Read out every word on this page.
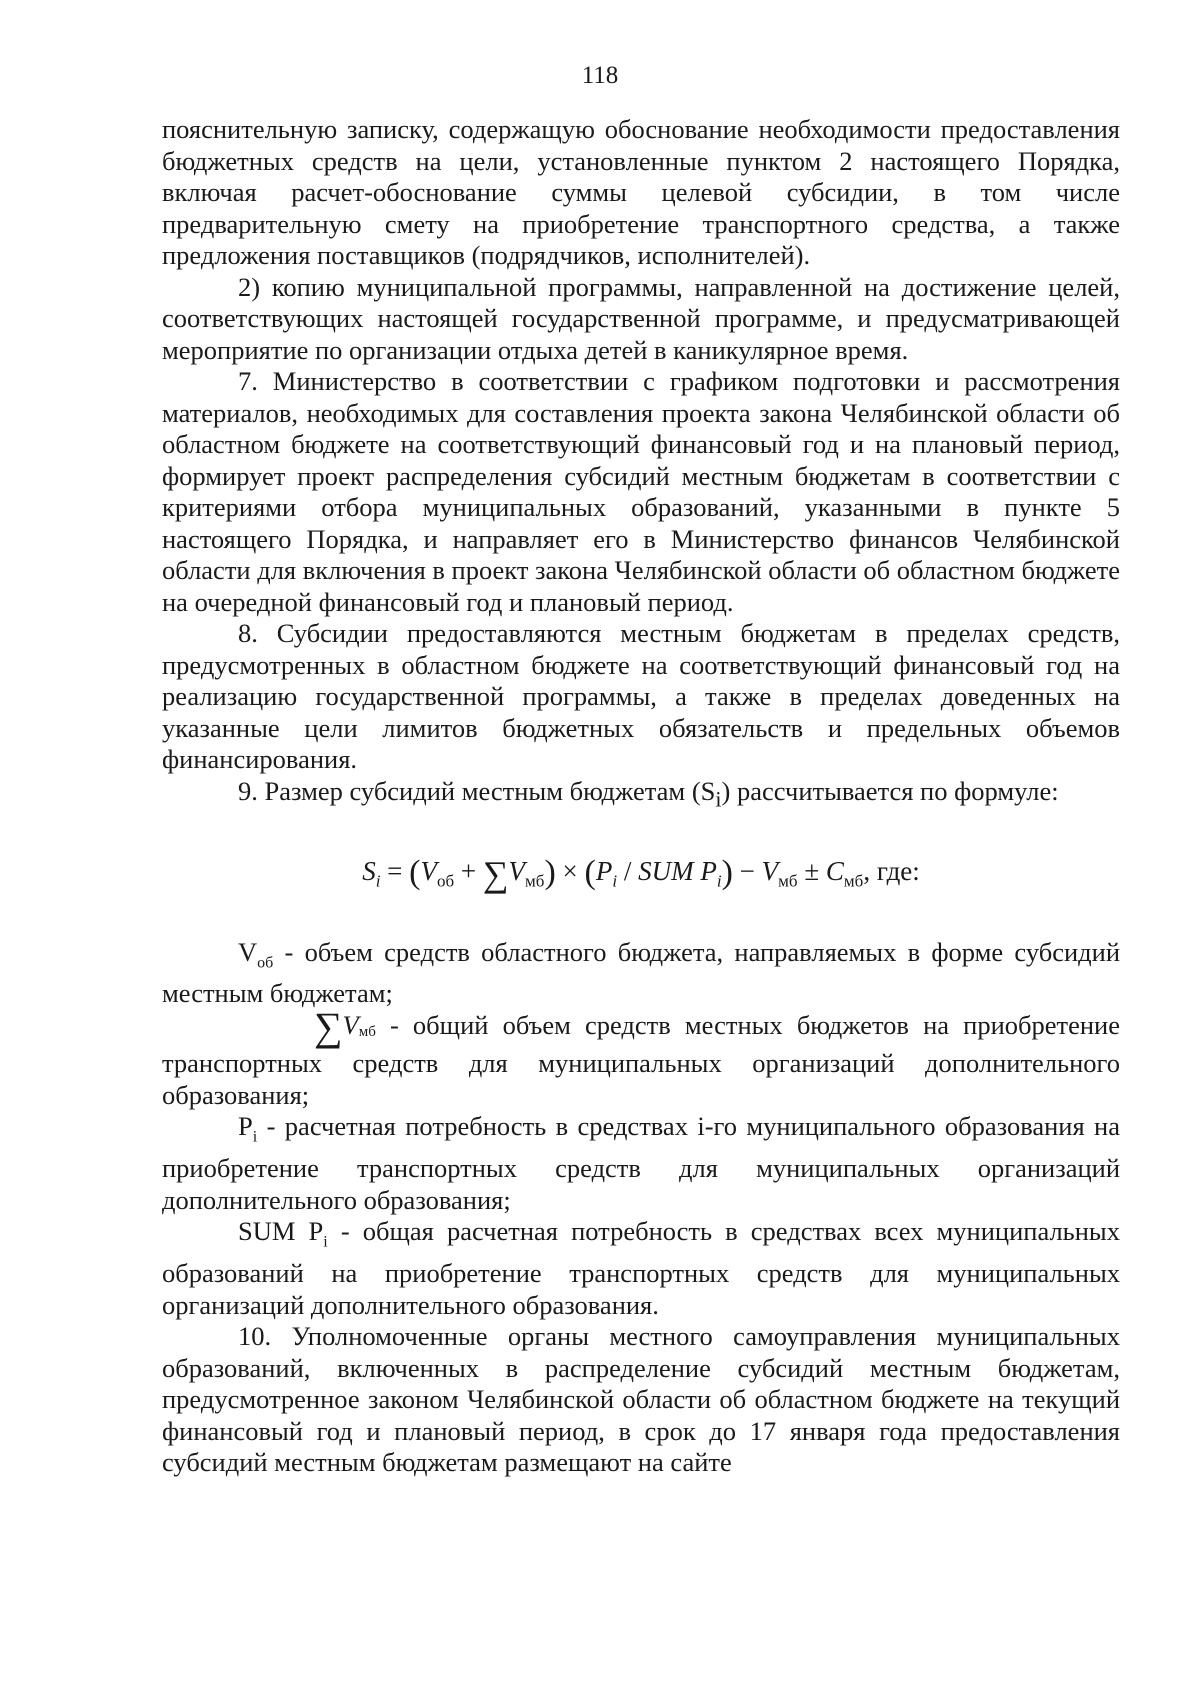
118

пояснительную записку, содержащую обоснование необходимости предоставления бюджетных средств на цели, установленные пунктом 2 настоящего Порядка, включая расчет-обоснование суммы целевой субсидии, в том числе предварительную смету на приобретение транспортного средства, а также предложения поставщиков (подрядчиков, исполнителей).

2) копию муниципальной программы, направленной на достижение целей, соответствующих настоящей государственной программе, и предусматривающей мероприятие по организации отдыха детей в каникулярное время.

7. Министерство в соответствии с графиком подготовки и рассмотрения материалов, необходимых для составления проекта закона Челябинской области об областном бюджете на соответствующий финансовый год и на плановый период, формирует проект распределения субсидий местным бюджетам в соответствии с критериями отбора муниципальных образований, указанными в пункте 5 настоящего Порядка, и направляет его в Министерство финансов Челябинской области для включения в проект закона Челябинской области об областном бюджете на очередной финансовый год и плановый период.

8. Субсидии предоставляются местным бюджетам в пределах средств, предусмотренных в областном бюджете на соответствующий финансовый год на реализацию государственной программы, а также в пределах доведенных на указанные цели лимитов бюджетных обязательств и предельных объемов финансирования.

9. Размер субсидий местным бюджетам $(S_i)$ рассчитывается по формуле:

$S_i = (V_{об} + \sum V_{мб}) \times (P_i$ / SUM $P_i) - V_{мб} \pm C_{мб}$, где:

$V_{об}$ - объем средств областного бюджета, направляемых в форме субсидий местным бюджетам;

$\sum V_{мб}$ - общий объем средств местных бюджетов на приобретение транспортных средств для муниципальных организаций дополнительного образования;

$P_i$ - расчетная потребность в средствах i-го муниципального образования на приобретение транспортных средств для муниципальных организаций дополнительного образования;

SUM $P_i$ - общая расчетная потребность в средствах всех муниципальных образований на приобретение транспортных средств для муниципальных организаций дополнительного образования.

10. Уполномоченные органы местного самоуправления муниципальных образований, включенных в распределение субсидий местным бюджетам, предусмотренное законом Челябинской области об областном бюджете на текущий финансовый год и плановый период, в срок до 17 января года предоставления субсидий местным бюджетам размещают на сайте
